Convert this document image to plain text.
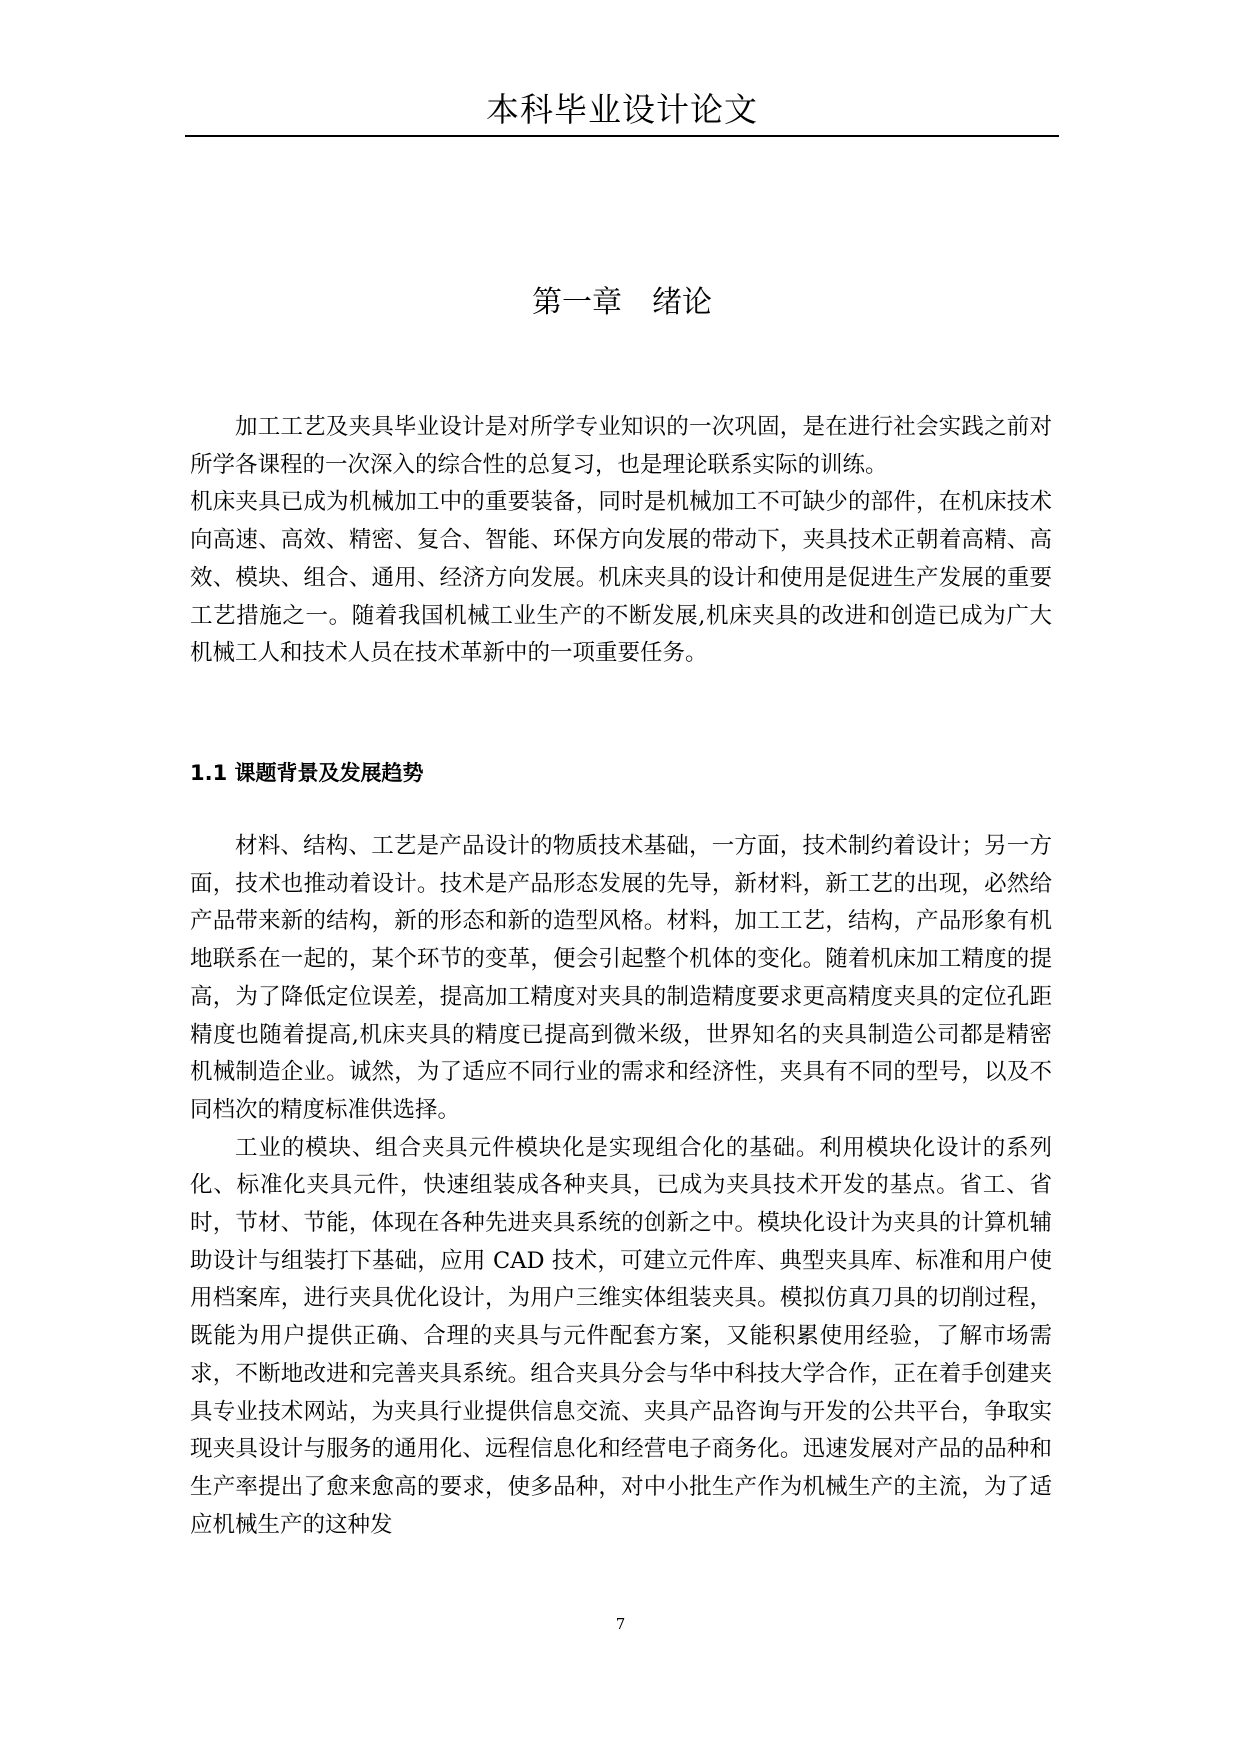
本科毕业设计论文
第一章　绪论

加工工艺及夹具毕业设计是对所学专业知识的一次巩固，是在进行社会实践之前对所学各课程的一次深入的综合性的总复习，也是理论联系实际的训练。

机床夹具已成为机械加工中的重要装备，同时是机械加工不可缺少的部件，在机床技术向高速、高效、精密、复合、智能、环保方向发展的带动下，夹具技术正朝着高精、高效、模块、组合、通用、经济方向发展。机床夹具的设计和使用是促进生产发展的重要工艺措施之一。随着我国机械工业生产的不断发展,机床夹具的改进和创造已成为广大机械工人和技术人员在技术革新中的一项重要任务。

1.1 课题背景及发展趋势

材料、结构、工艺是产品设计的物质技术基础，一方面，技术制约着设计；另一方面，技术也推动着设计。技术是产品形态发展的先导，新材料，新工艺的出现，必然给产品带来新的结构，新的形态和新的造型风格。材料，加工工艺，结构，产品形象有机地联系在一起的，某个环节的变革，便会引起整个机体的变化。随着机床加工精度的提高，为了降低定位误差，提高加工精度对夹具的制造精度要求更高精度夹具的定位孔距精度也随着提高,机床夹具的精度已提高到微米级，世界知名的夹具制造公司都是精密机械制造企业。诚然，为了适应不同行业的需求和经济性，夹具有不同的型号，以及不同档次的精度标准供选择。

工业的模块、组合夹具元件模块化是实现组合化的基础。利用模块化设计的系列化、标准化夹具元件，快速组装成各种夹具，已成为夹具技术开发的基点。省工、省时，节材、节能，体现在各种先进夹具系统的创新之中。模块化设计为夹具的计算机辅助设计与组装打下基础，应用 CAD 技术，可建立元件库、典型夹具库、标准和用户使用档案库，进行夹具优化设计，为用户三维实体组装夹具。模拟仿真刀具的切削过程，既能为用户提供正确、合理的夹具与元件配套方案，又能积累使用经验，了解市场需求，不断地改进和完善夹具系统。组合夹具分会与华中科技大学合作，正在着手创建夹具专业技术网站，为夹具行业提供信息交流、夹具产品咨询与开发的公共平台，争取实现夹具设计与服务的通用化、远程信息化和经营电子商务化。迅速发展对产品的品种和生产率提出了愈来愈高的要求，使多品种，对中小批生产作为机械生产的主流，为了适应机械生产的这种发

7
